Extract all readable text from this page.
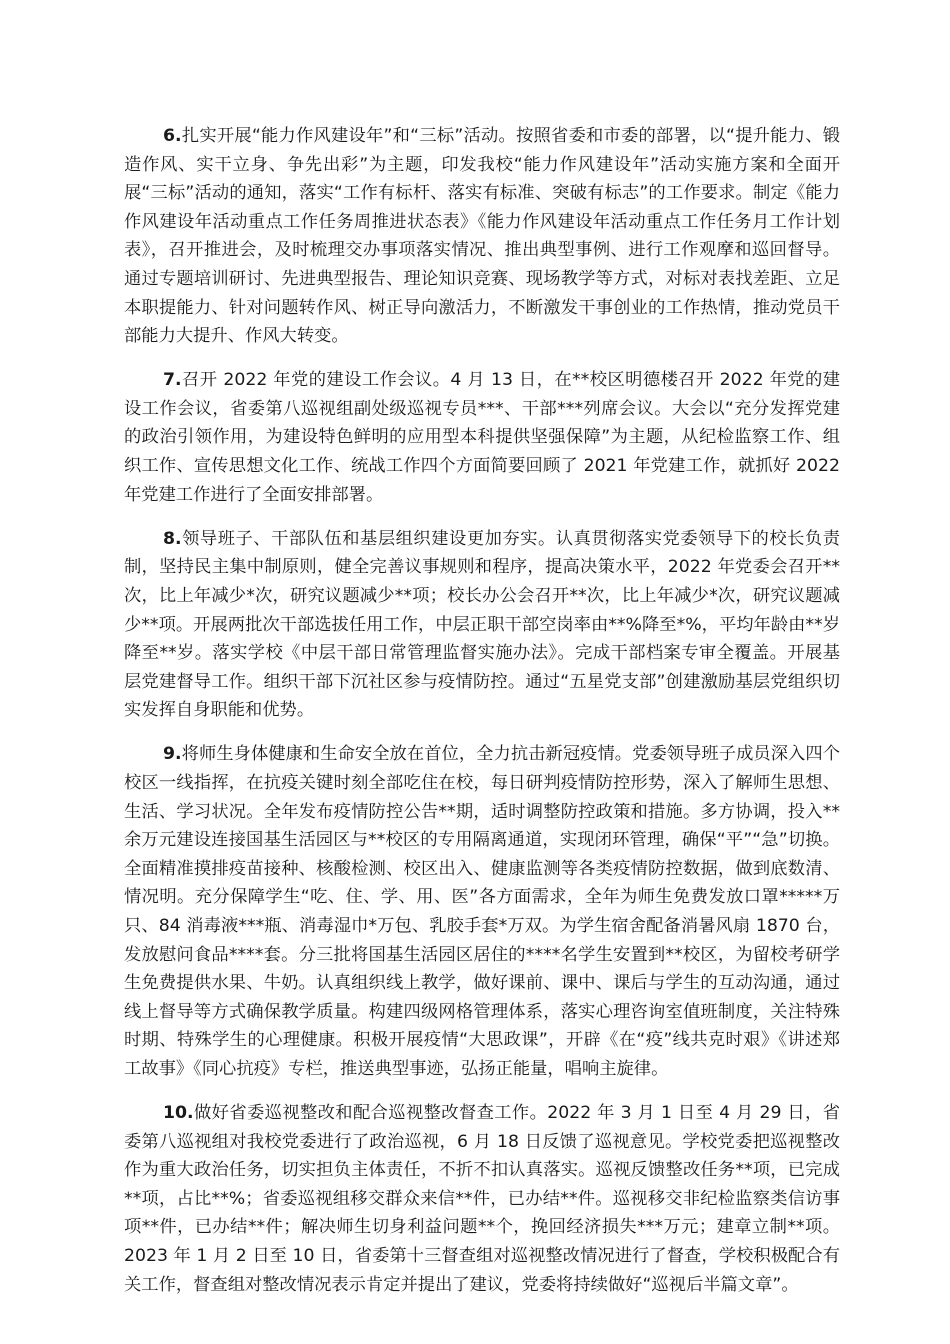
6.扎实开展“能力作风建设年”和“三标”活动。按照省委和市委的部署，以“提升能力、锻造作风、实干立身、争先出彩”为主题，印发我校“能力作风建设年”活动实施方案和全面开展“三标”活动的通知，落实“工作有标杆、落实有标准、突破有标志”的工作要求。制定《能力作风建设年活动重点工作任务周推进状态表》《能力作风建设年活动重点工作任务月工作计划表》，召开推进会，及时梳理交办事项落实情况、推出典型事例、进行工作观摩和巡回督导。通过专题培训研讨、先进典型报告、理论知识竞赛、现场教学等方式，对标对表找差距、立足本职提能力、针对问题转作风、树正导向激活力，不断激发干事创业的工作热情，推动党员干部能力大提升、作风大转变。

7.召开 2022 年党的建设工作会议。4 月 13 日，在**校区明德楼召开 2022 年党的建设工作会议，省委第八巡视组副处级巡视专员***、干部***列席会议。大会以“充分发挥党建的政治引领作用，为建设特色鲜明的应用型本科提供坚强保障”为主题，从纪检监察工作、组织工作、宣传思想文化工作、统战工作四个方面简要回顾了 2021 年党建工作，就抓好 2022 年党建工作进行了全面安排部署。

8.领导班子、干部队伍和基层组织建设更加夯实。认真贯彻落实党委领导下的校长负责制，坚持民主集中制原则，健全完善议事规则和程序，提高决策水平，2022 年党委会召开**次，比上年减少*次，研究议题减少**项；校长办公会召开**次，比上年减少*次，研究议题减少**项。开展两批次干部选拔任用工作，中层正职干部空岗率由**%降至*%，平均年龄由**岁降至**岁。落实学校《中层干部日常管理监督实施办法》。完成干部档案专审全覆盖。开展基层党建督导工作。组织干部下沉社区参与疫情防控。通过“五星党支部”创建激励基层党组织切实发挥自身职能和优势。

9.将师生身体健康和生命安全放在首位，全力抗击新冠疫情。党委领导班子成员深入四个校区一线指挥，在抗疫关键时刻全部吃住在校，每日研判疫情防控形势，深入了解师生思想、生活、学习状况。全年发布疫情防控公告**期，适时调整防控政策和措施。多方协调，投入**余万元建设连接国基生活园区与**校区的专用隔离通道，实现闭环管理，确保“平”“急”切换。全面精准摸排疫苗接种、核酸检测、校区出入、健康监测等各类疫情防控数据，做到底数清、情况明。充分保障学生“吃、住、学、用、医”各方面需求，全年为师生免费发放口罩*****万只、84 消毒液***瓶、消毒湿巾*万包、乳胶手套*万双。为学生宿舍配备消暑风扇 1870 台，发放慰问食品****套。分三批将国基生活园区居住的****名学生安置到**校区，为留校考研学生免费提供水果、牛奶。认真组织线上教学，做好课前、课中、课后与学生的互动沟通，通过线上督导等方式确保教学质量。构建四级网格管理体系，落实心理咨询室值班制度，关注特殊时期、特殊学生的心理健康。积极开展疫情“大思政课”，开辟《在“疫”线共克时艰》《讲述郑工故事》《同心抗疫》专栏，推送典型事迹，弘扬正能量，唱响主旋律。

10.做好省委巡视整改和配合巡视整改督查工作。2022 年 3 月 1 日至 4 月 29 日，省委第八巡视组对我校党委进行了政治巡视，6 月 18 日反馈了巡视意见。学校党委把巡视整改作为重大政治任务，切实担负主体责任，不折不扣认真落实。巡视反馈整改任务**项，已完成**项，占比**%；省委巡视组移交群众来信**件，已办结**件。巡视移交非纪检监察类信访事项**件，已办结**件；解决师生切身利益问题**个，挽回经济损失***万元；建章立制**项。2023 年 1 月 2 日至 10 日，省委第十三督查组对巡视整改情况进行了督查，学校积极配合有关工作，督查组对整改情况表示肯定并提出了建议，党委将持续做好“巡视后半篇文章”。
